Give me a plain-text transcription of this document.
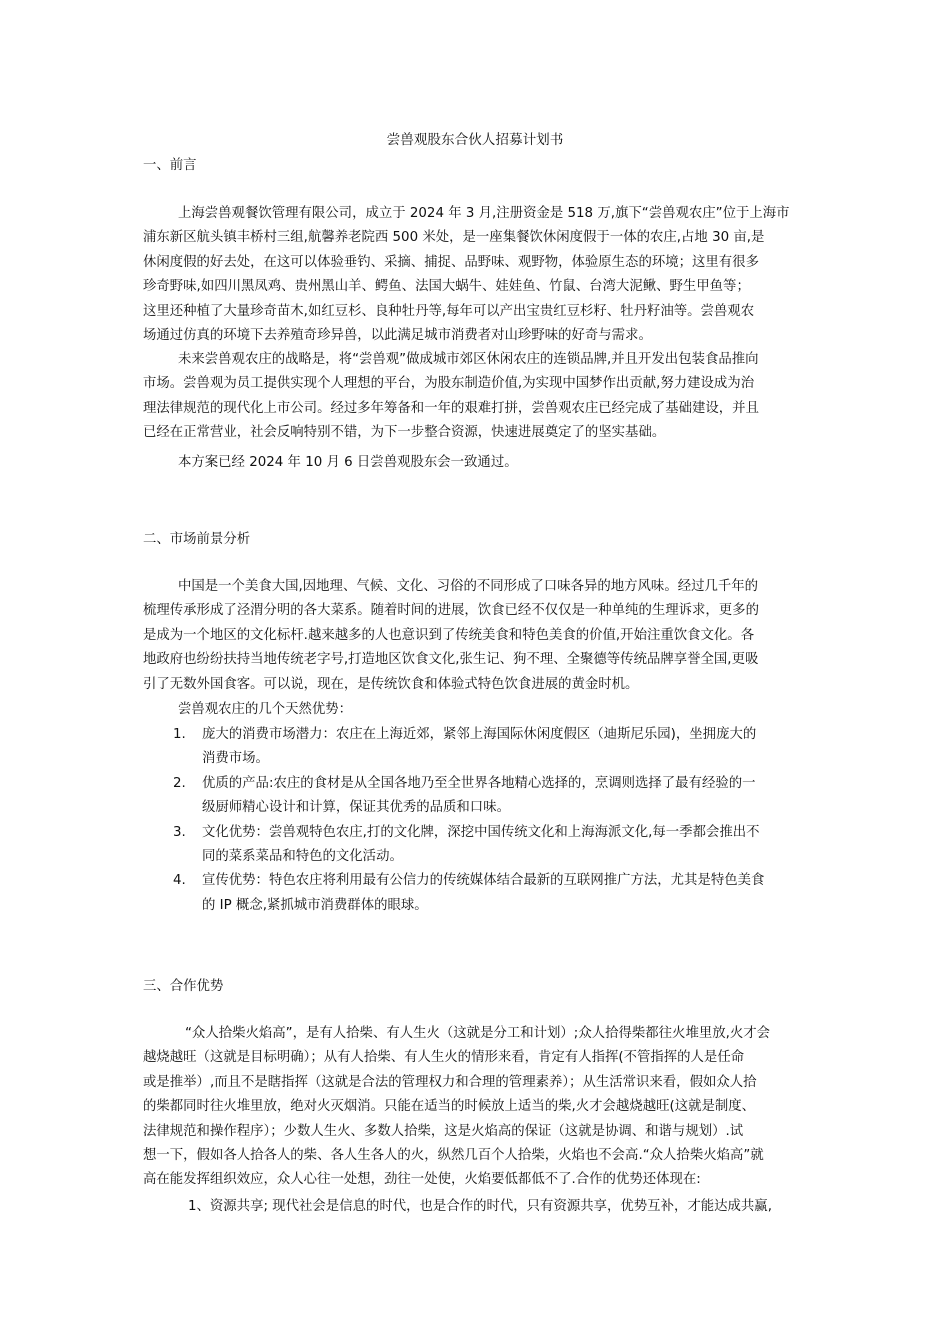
尝兽观股东合伙人招募计划书
一、前言
上海尝兽观餐饮管理有限公司，成立于 2024 年 3 月,注册资金是 518 万,旗下“尝兽观农庄”位于上海市
浦东新区航头镇丰桥村三组,航馨养老院西 500 米处，是一座集餐饮休闲度假于一体的农庄,占地 30 亩,是
休闲度假的好去处，在这可以体验垂钓、采摘、捕捉、品野味、观野物，体验原生态的环境；这里有很多
珍奇野味,如四川黑凤鸡、贵州黑山羊、鳄鱼、法国大蜗牛、娃娃鱼、竹鼠、台湾大泥鳅、野生甲鱼等；
这里还种植了大量珍奇苗木,如红豆杉、良种牡丹等,每年可以产出宝贵红豆杉籽、牡丹籽油等。尝兽观农
场通过仿真的环境下去养殖奇珍异兽，以此满足城市消费者对山珍野味的好奇与需求。
未来尝兽观农庄的战略是，将“尝兽观”做成城市郊区休闲农庄的连锁品牌,并且开发出包装食品推向
市场。尝兽观为员工提供实现个人理想的平台，为股东制造价值,为实现中国梦作出贡献,努力建设成为治
理法律规范的现代化上市公司。经过多年筹备和一年的艰难打拼，尝兽观农庄已经完成了基础建设，并且
已经在正常营业，社会反响特别不错，为下一步整合资源，快速进展奠定了的坚实基础。
本方案已经 2024 年 10 月 6 日尝兽观股东会一致通过。
二、市场前景分析
中国是一个美食大国,因地理、气候、文化、习俗的不同形成了口味各异的地方风味。经过几千年的
梳理传承形成了泾渭分明的各大菜系。随着时间的进展，饮食已经不仅仅是一种单纯的生理诉求，更多的
是成为一个地区的文化标杆.越来越多的人也意识到了传统美食和特色美食的价值,开始注重饮食文化。各
地政府也纷纷扶持当地传统老字号,打造地区饮食文化,张生记、狗不理、全聚德等传统品牌享誉全国,更吸
引了无数外国食客。可以说，现在，是传统饮食和体验式特色饮食进展的黄金时机。
尝兽观农庄的几个天然优势：
1. 庞大的消费市场潜力：农庄在上海近郊，紧邻上海国际休闲度假区（迪斯尼乐园)，坐拥庞大的
消费市场。
2. 优质的产品:农庄的食材是从全国各地乃至全世界各地精心选择的，烹调则选择了最有经验的一
级厨师精心设计和计算，保证其优秀的品质和口味。
3. 文化优势：尝兽观特色农庄,打的文化牌，深挖中国传统文化和上海海派文化,每一季都会推出不
同的菜系菜品和特色的文化活动。
4. 宣传优势：特色农庄将利用最有公信力的传统媒体结合最新的互联网推广方法，尤其是特色美食
的 IP 概念,紧抓城市消费群体的眼球。
三、合作优势
“众人拾柴火焰高”，是有人拾柴、有人生火（这就是分工和计划）;众人拾得柴都往火堆里放,火才会
越烧越旺（这就是目标明确）；从有人拾柴、有人生火的情形来看，肯定有人指挥(不管指挥的人是任命
或是推举）,而且不是瞎指挥（这就是合法的管理权力和合理的管理素养）；从生活常识来看，假如众人拾
的柴都同时往火堆里放，绝对火灭烟消。只能在适当的时候放上适当的柴,火才会越烧越旺(这就是制度、
法律规范和操作程序）；少数人生火、多数人拾柴，这是火焰高的保证（这就是协调、和谐与规划）.试
想一下，假如各人拾各人的柴、各人生各人的火，纵然几百个人拾柴，火焰也不会高.“众人拾柴火焰高”就
高在能发挥组织效应，众人心往一处想，劲往一处使，火焰要低都低不了.合作的优势还体现在:
1、资源共享; 现代社会是信息的时代，也是合作的时代，只有资源共享，优势互补，才能达成共赢,
